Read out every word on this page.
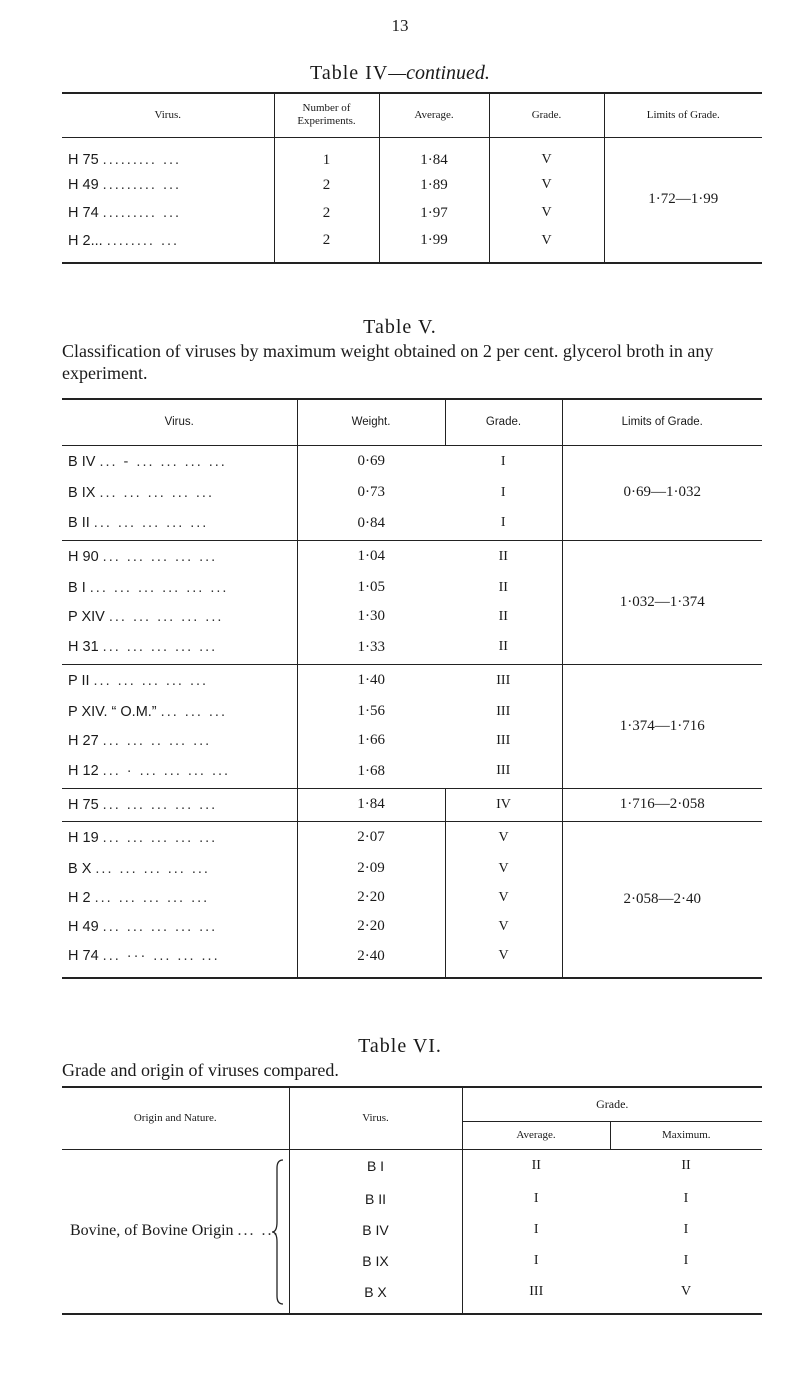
13
Table IV—continued.
Virus.	Number of Experiments.	Average.	Grade.	Limits of Grade.
H 75 ......... ...	1	1·84	V	1·72—1·99
H 49 ......... ...	2	1·89	V	
H 74 ......... ...	2	1·97	V	
H 2... ........ ...	2	1·99	V	
Table V.
Classification of viruses by maximum weight obtained on 2 per cent. glycerol broth in any experiment.
Virus.	Weight.	Grade.	Limits of Grade.
B IV ... - ... ... ... ...	0·69	I	0·69—1·032
B IX ... ... ... ... ...	0·73	I	
B II ... ... ... ... ...	0·84	I	
H 90 ... ... ... ... ...	1·04	II	1·032—1·374
B I ... ... ... ... ... ...	1·05	II	
P XIV ... ... ... ... ...	1·30	II	
H 31 ... ... ... ... ...	1·33	II	
P II ... ... ... ... ...	1·40	III	1·374—1·716
P XIV. “ O.M.” ... ... ...	1·56	III	
H 27 ... ... .. ... ...	1·66	III	
H 12 ... · ... ... ... ...	1·68	III	
H 75 ... ... ... ... ...	1·84	IV	1·716—2·058
H 19 ... ... ... ... ...	2·07	V	2·058—2·40
B X ... ... ... ... ...	2·09	V	
H 2 ... ... ... ... ...	2·20	V	
H 49 ... ... ... ... ...	2·20	V	
H 74 ... ··· ... ... ...	2·40	V	
Table VI.
Grade and origin of viruses compared.
Origin and Nature.	Virus.	Grade.	
		Average.	Maximum.

Bovine, of Bovine Origin ... ...	B I	II	II
	B II	I	I
	B IV	I	I
	B IX	I	I
	B X	III	V
